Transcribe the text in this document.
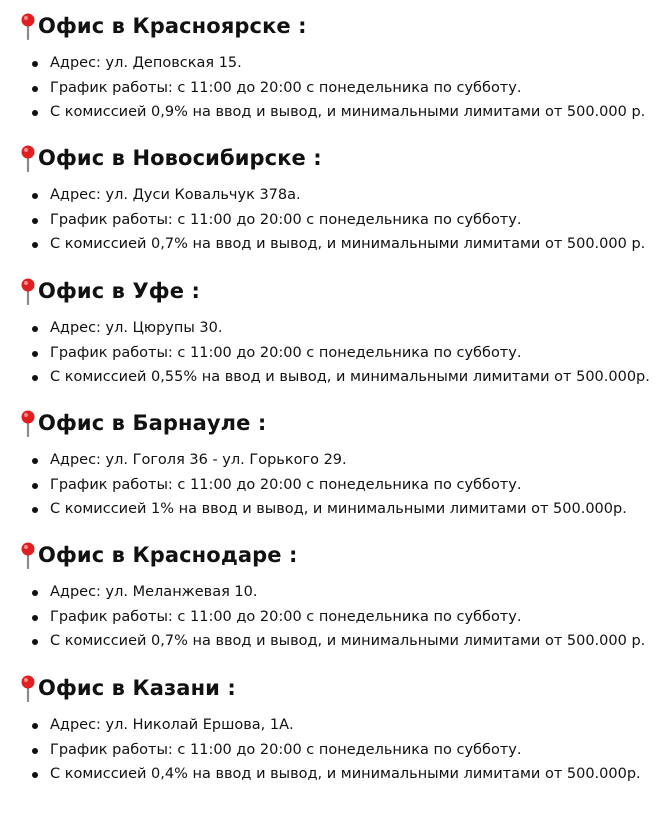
Офис в Красноярске :
Адрес: ул. Деповская 15.
График работы: с 11:00 до 20:00 с понедельника по субботу.
С комиссией 0,9% на ввод и вывод, и минимальными лимитами от 500.000 р.
Офис в Новосибирске :
Адрес: ул. Дуси Ковальчук 378а.
График работы: с 11:00 до 20:00 с понедельника по субботу.
С комиссией 0,7% на ввод и вывод, и минимальными лимитами от 500.000 р.
Офис в Уфе :
Адрес: ул. Цюрупы 30.
График работы: с 11:00 до 20:00 с понедельника по субботу.
С комиссией 0,55% на ввод и вывод, и минимальными лимитами от 500.000р.
Офис в Барнауле :
Адрес: ул. Гоголя 36 - ул. Горького 29.
График работы: с 11:00 до 20:00 с понедельника по субботу.
С комиссией 1% на ввод и вывод, и минимальными лимитами от 500.000р.
Офис в Краснодаре :
Адрес: ул. Меланжевая 10.
График работы: с 11:00 до 20:00 с понедельника по субботу.
С комиссией 0,7% на ввод и вывод, и минимальными лимитами от 500.000 р.
Офис в Казани :
Адрес: ул. Николай Ершова, 1А.
График работы: с 11:00 до 20:00 с понедельника по субботу.
С комиссией 0,4% на ввод и вывод, и минимальными лимитами от 500.000р.
